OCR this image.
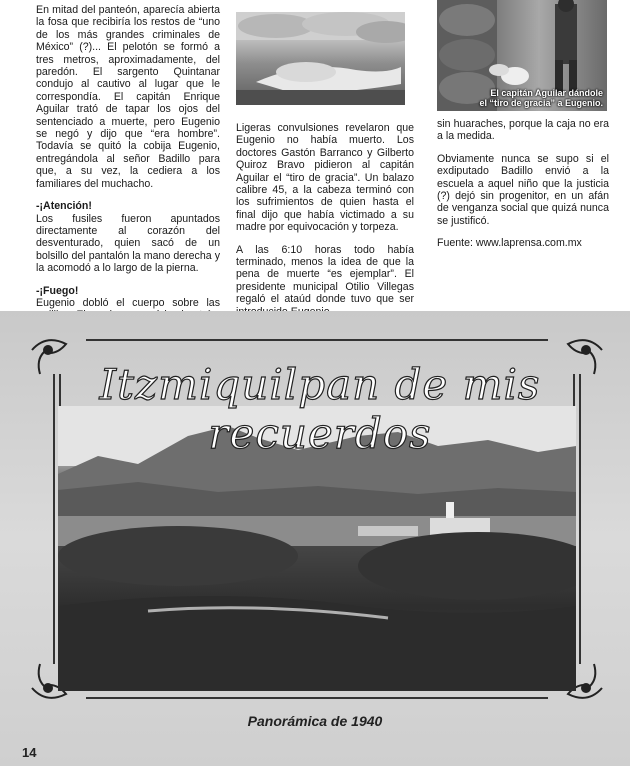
En mitad del panteón, aparecía abierta la fosa que recibiría los restos de “uno de los más grandes criminales de México” (?)... El pelotón se formó a tres metros, aproximadamente, del paredón. El sargento Quintanar condujo al cautivo al lugar que le correspondía. El capitán Enrique Aguilar trató de tapar los ojos del sentenciado a muerte, pero Eugenio se negó y dijo que “era hombre”. Todavía se quitó la cobija Eugenio, entregándola al señor Badillo para que, a su vez, la cediera a los familiares del muchacho.

-¡Atención!

Los fusiles fueron apuntados directamente al corazón del desventurado, quien sacó de un bolsillo del pantalón la mano derecha y la acomodó a lo largo de la pierna.

-¡Fuego!

Eugenio dobló el cuerpo sobre las

Ligeras convulsiones revelaron que Eugenio no había muerto. Los doctores Gastón Barranco y Gilberto Quiroz Bravo pidieron al capitán Aguilar el “tiro de gracia”. Un balazo calibre 45, a la cabeza terminó con los sufrimientos de quien hasta el final dijo que había victimado a su madre por equivocación y torpeza.

A las 6:10 horas todo había terminado, menos la idea de que la pena de muerte “es ejemplar”. El presidente municipal Otilio Villegas regaló el ataúd donde tuvo que ser

El capitán Aguilar dándole
el “tiro de gracia” a Eugenio.

sin huaraches, porque la caja no era a la medida.

Obviamente nunca se supo si el exdiputado Badillo envió a la escuela a aquel niño que la justicia (?) dejó sin progenitor, en un afán de venganza social que quizá nunca se justificó.

Fuente: www.laprensa.com.mx

Itzmiquilpan de mis recuerdos
Panorámica de 1940
14
